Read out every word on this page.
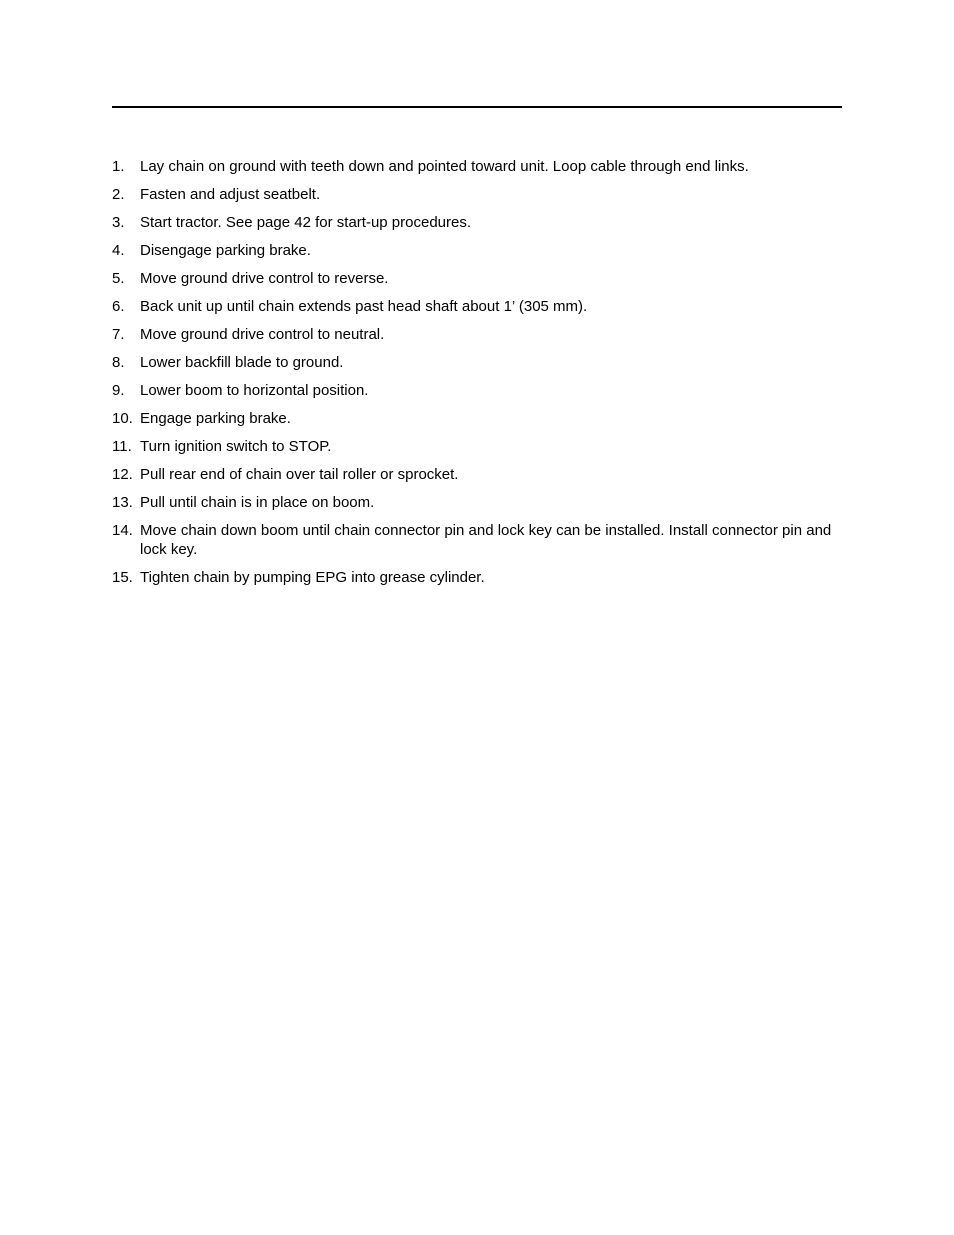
1. Lay chain on ground with teeth down and pointed toward unit. Loop cable through end links.
2. Fasten and adjust seatbelt.
3. Start tractor. See page 42 for start-up procedures.
4. Disengage parking brake.
5. Move ground drive control to reverse.
6. Back unit up until chain extends past head shaft about 1’ (305 mm).
7. Move ground drive control to neutral.
8. Lower backfill blade to ground.
9. Lower boom to horizontal position.
10. Engage parking brake.
11. Turn ignition switch to STOP.
12. Pull rear end of chain over tail roller or sprocket.
13. Pull until chain is in place on boom.
14. Move chain down boom until chain connector pin and lock key can be installed. Install connector pin and lock key.
15. Tighten chain by pumping EPG into grease cylinder.
